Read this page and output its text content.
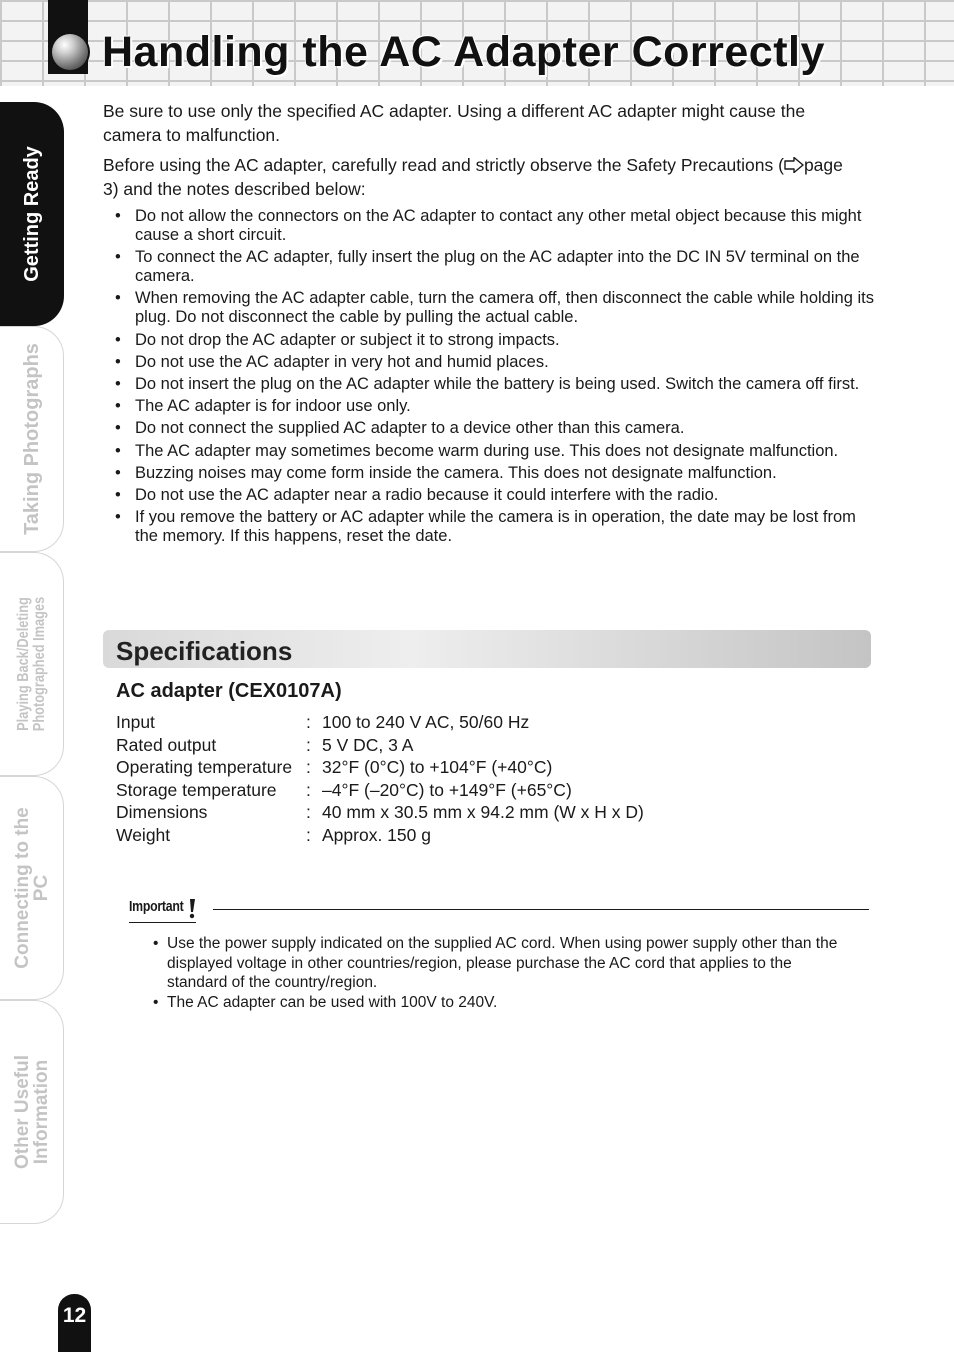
Handling the AC Adapter Correctly
Getting Ready
Taking Photographs
Playing Back/Deleting
Photographed Images
Connecting to the
PC
Other Useful
Information

Be sure to use only the specified AC adapter. Using a different AC adapter might cause the camera to malfunction.

Before using the AC adapter, carefully read and strictly observe the Safety Precautions ( page 3) and the notes described below:

• Do not allow the connectors on the AC adapter to contact any other metal object because this might cause a short circuit.
• To connect the AC adapter, fully insert the plug on the AC adapter into the DC IN 5V terminal on the camera.
• When removing the AC adapter cable, turn the camera off, then disconnect the cable while holding its plug. Do not disconnect the cable by pulling the actual cable.
• Do not drop the AC adapter or subject it to strong impacts.
• Do not use the AC adapter in very hot and humid places.
• Do not insert the plug on the AC adapter while the battery is being used. Switch the camera off first.
• The AC adapter is for indoor use only.
• Do not connect the supplied AC adapter to a device other than this camera.
• The AC adapter may sometimes become warm during use. This does not designate malfunction.
• Buzzing noises may come form inside the camera. This does not designate malfunction.
• Do not use the AC adapter near a radio because it could interfere with the radio.
• If you remove the battery or AC adapter while the camera is in operation, the date may be lost from the memory. If this happens, reset the date.
Specifications
AC adapter (CEX0107A)
Input	:	100 to 240 V AC, 50/60 Hz
Rated output	:	5 V DC, 3 A
Operating temperature	:	32°F (0°C) to +104°F (+40°C)
Storage temperature	:	–4°F (–20°C) to +149°F (+65°C)
Dimensions	:	40 mm x 30.5 mm x 94.2 mm (W x H x D)
Weight	:	Approx. 150 g
Important
• Use the power supply indicated on the supplied AC cord. When using power supply other than the displayed voltage in other countries/region, please purchase the AC cord that applies to the standard of the country/region.
• The AC adapter can be used with 100V to 240V.
12
